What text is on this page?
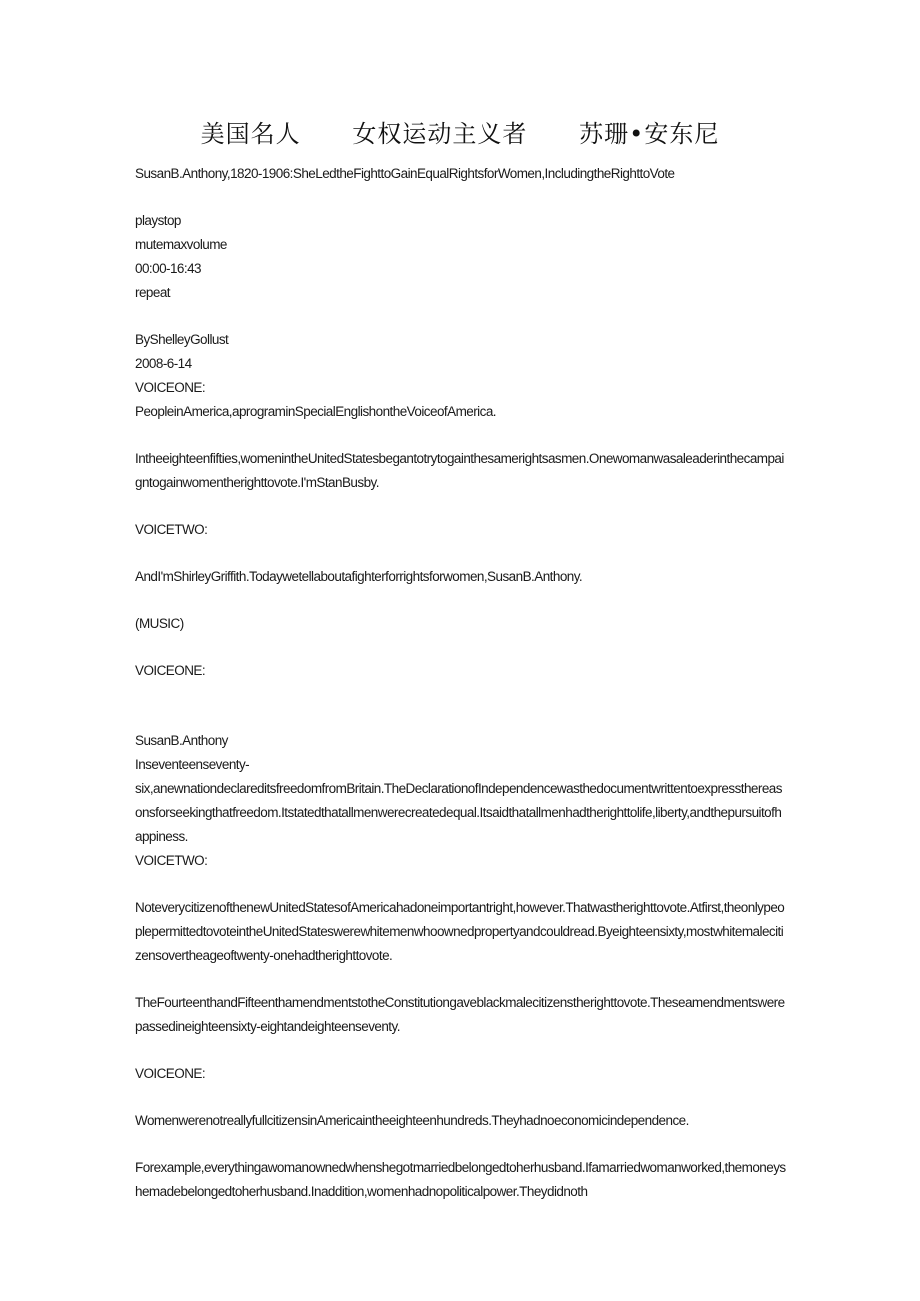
美国名人      女权运动主义者      苏珊•安东尼
SusanB.Anthony,1820-1906:SheLedtheFighttoGainEqualRightsforWomen,IncludingtheRighttoVote
playstop
mutemaxvolume
00:00-16:43
repeat
ByShelleyGollust
2008-6-14
VOICEONE:
PeopleinAmerica,aprograminSpecialEnglishontheVoiceofAmerica.
Intheeighteenfifties,womenintheUnitedStatesbegantotrytogainthesamerightsasmen.Onewomanwasaleaderinthecampaigntogainwomentherighttovote.I'mStanBusby.
VOICETWO:
AndI'mShirleyGriffith.Todaywetellaboutafighterforrightsforwomen,SusanB.Anthony.
(MUSIC)
VOICEONE:
SusanB.Anthony
Inseventeenseventy-
six,anewnationdeclareditsfreedomfromBritain.TheDeclarationofIndependencewasthedocumentwrittentoexpressthereasonsforseekingthatfreedom.Itstatedthatallmenwerecreatedequal.Itsaidthatallmenhadtherighttolife,liberty,andthepursuitofhappiness.
VOICETWO:
NoteverycitizenofthenewUnitedStatesofAmericahadoneimportantright,however.Thatwastherighttovote.Atfirst,theonlypeoplepermittedtovoteintheUnitedStateswerewhitemenwhoownedpropertyandcouldread.Byeighteensixty,mostwhitemalecitizensovertheageoftwenty-onehadtherighttovote.
TheFourteenthandFifteenthamendmentstotheConstitutiongaveblackmalecitizenstherighttovote.Theseamendmentswerepassedineighteensixty-eightandeighteenseventy.
VOICEONE:
WomenwerenotreallyfullcitizensinAmericaintheeighteenhundreds.Theyhadnoeconomicindependence.
Forexample,everythingawomanownedwhenshegotmarriedbelongedtoherhusband.Ifamarriedwomanworked,themoneyshemadebelongedtoherhusband.Inaddition,womenhadnopoliticalpower.Theydidnoth
